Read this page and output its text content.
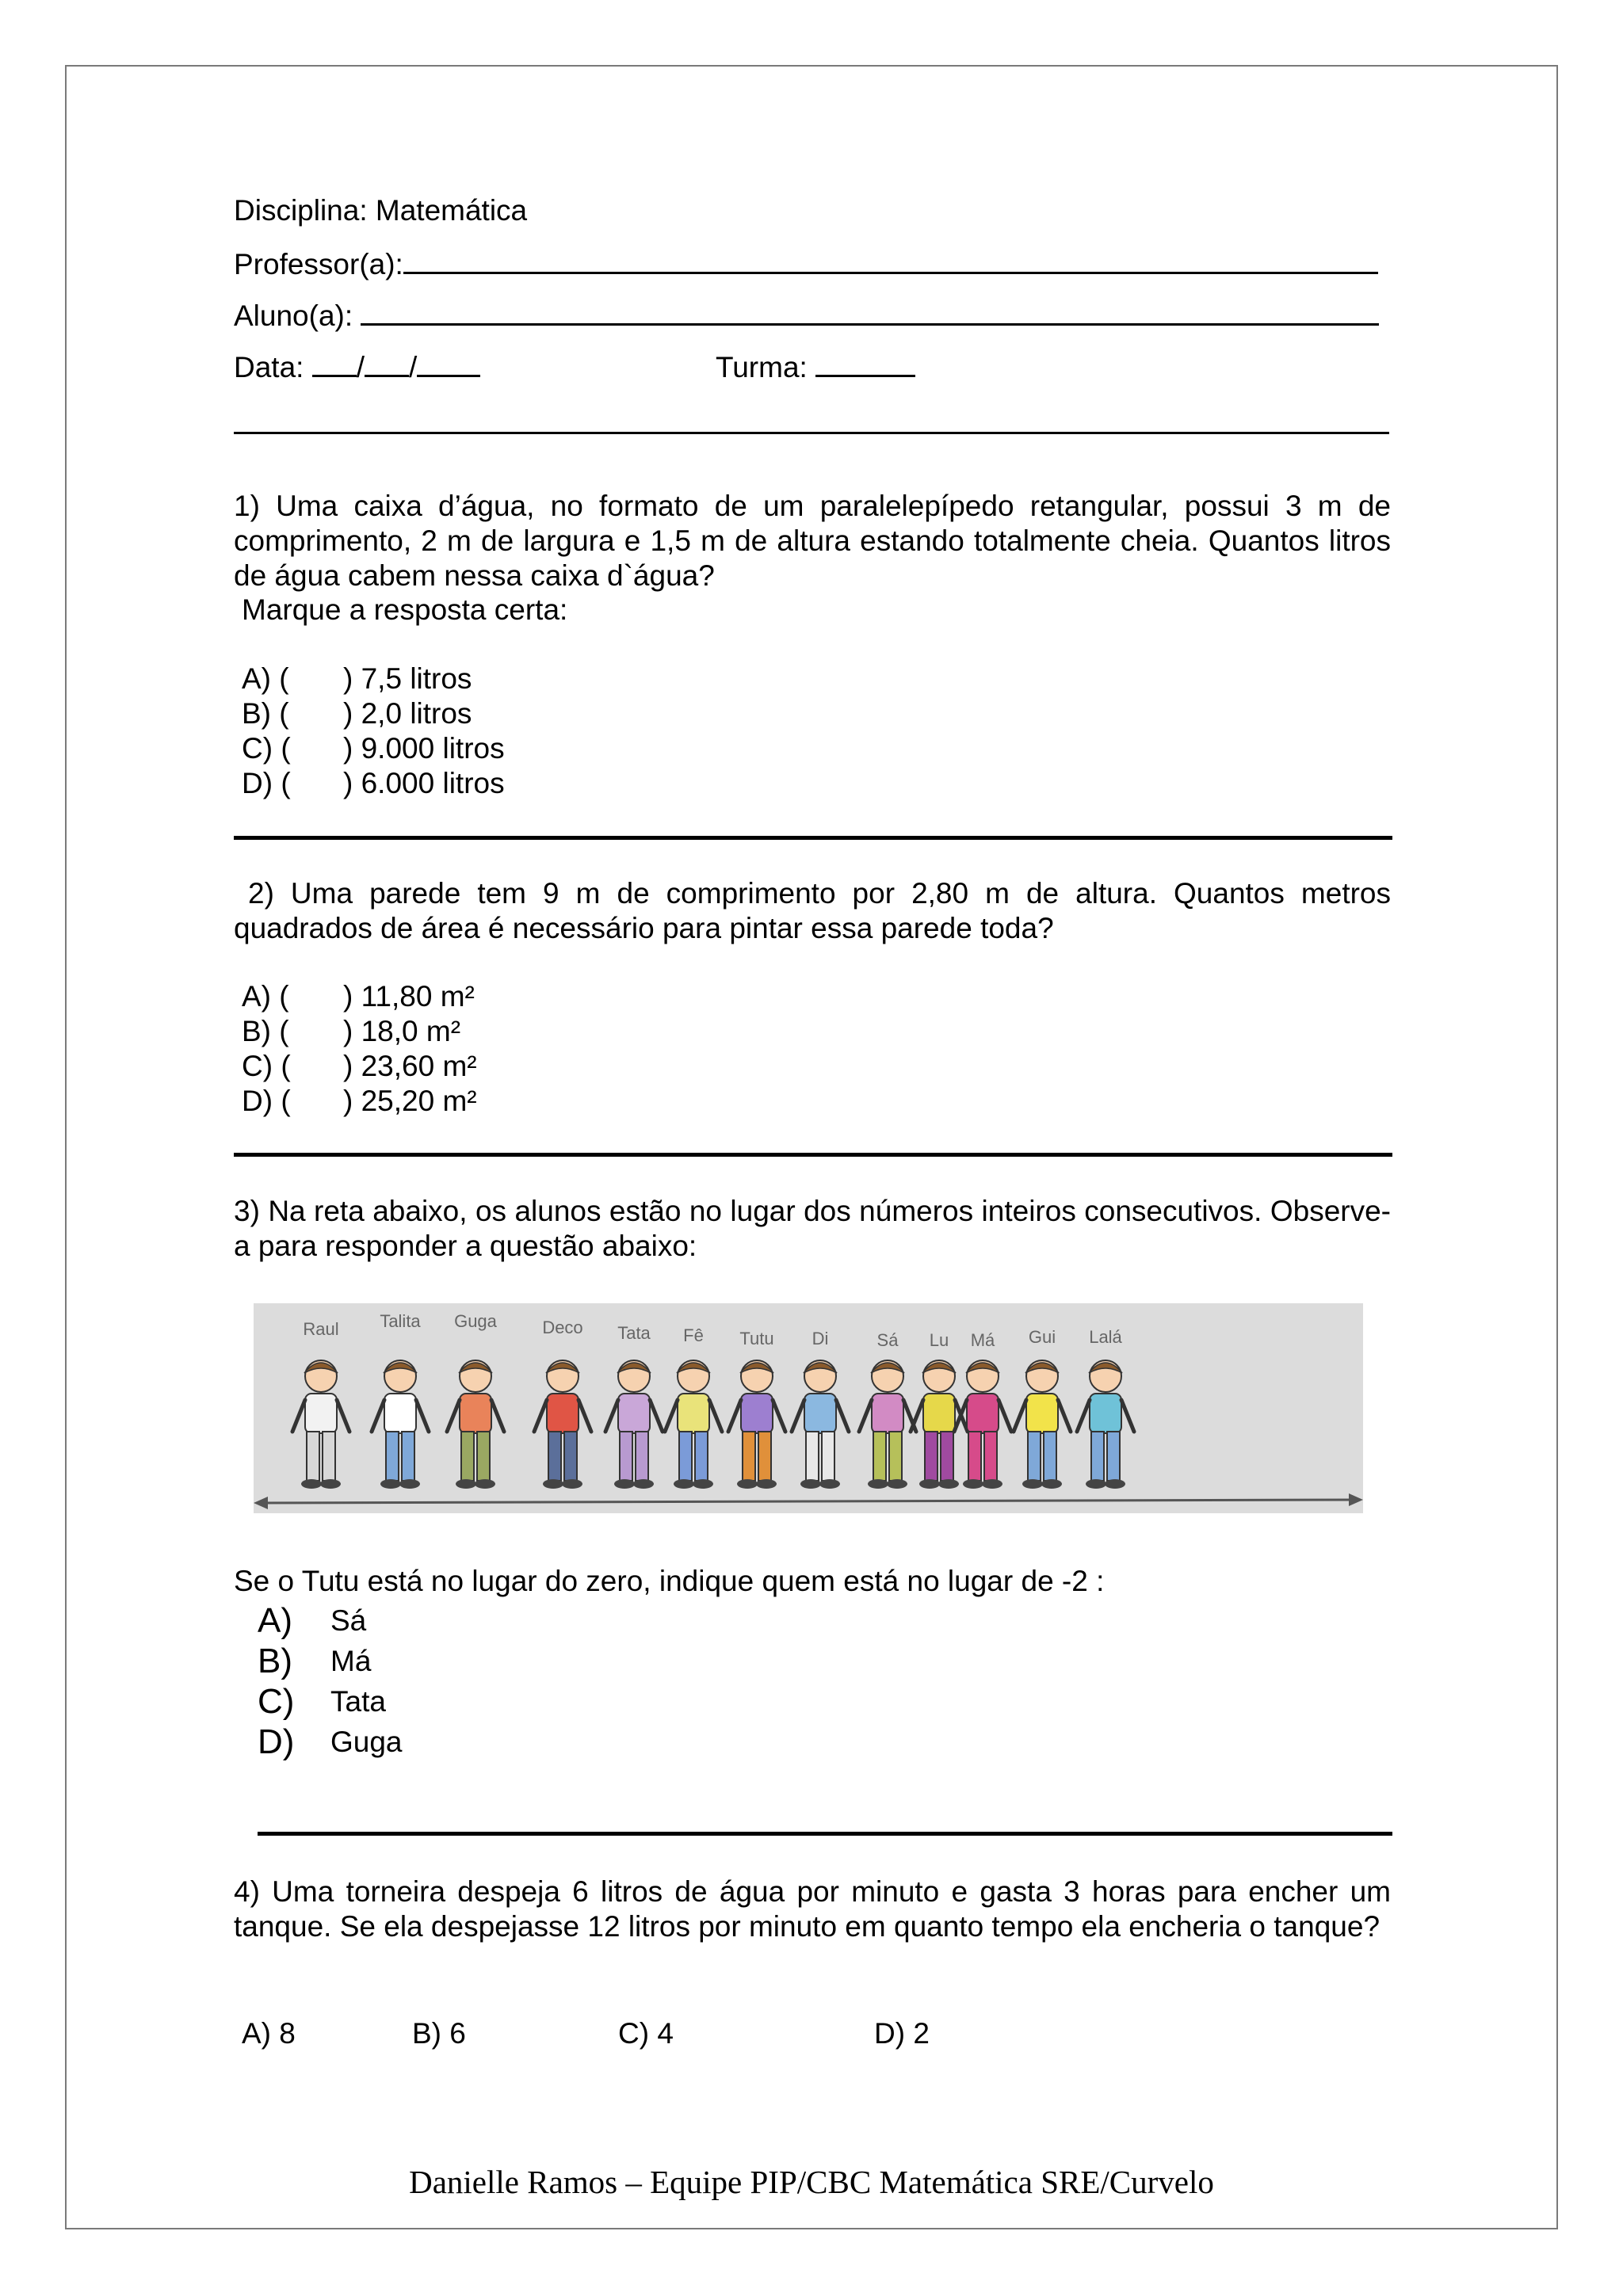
Disciplina: Matemática
Professor(a):
Aluno(a):
Data: / /	Turma:
1) Uma caixa d’água, no formato de um paralelepípedo retangular, possui 3 m de comprimento, 2 m de largura e 1,5 m de altura estando totalmente cheia. Quantos litros de água cabem nessa caixa d`água?
Marque a resposta certa:
A) (	) 7,5 litros
B) (	) 2,0 litros
C) (	) 9.000 litros
D) (	) 6.000 litros
2) Uma parede tem 9 m de comprimento por 2,80 m de altura. Quantos metros quadrados de área é necessário para pintar essa parede toda?
A) (	) 11,80 m²
B) (	) 18,0 m²
C) (	) 23,60 m²
D) (	) 25,20 m²
3) Na reta abaixo, os alunos estão no lugar dos números inteiros consecutivos. Observe-a para responder a questão abaixo:
Raul Talita Guga	Deco Tata Fê Tutu Di	Sá Lu Má Gui Lalá
Se o Tutu está no lugar do zero, indique quem está no lugar de -2 :
A)	Sá
B)	Má
C)	Tata
D)	Guga
4) Uma torneira despeja 6 litros de água por minuto e gasta 3 horas para encher um tanque. Se ela despejasse 12 litros por minuto em quanto tempo ela encheria o tanque?
A) 8	B) 6	C) 4	D) 2
Danielle Ramos – Equipe PIP/CBC Matemática SRE/Curvelo
